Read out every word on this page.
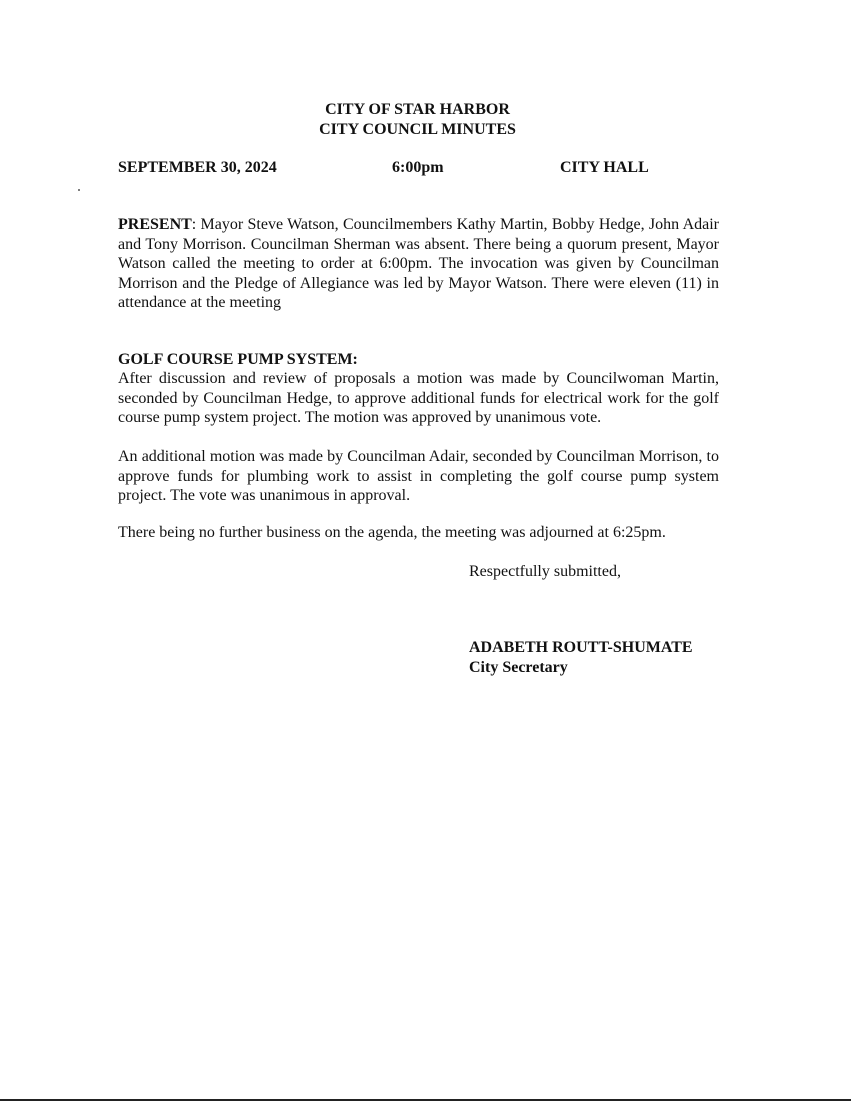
CITY OF STAR HARBOR
CITY COUNCIL MINUTES
SEPTEMBER 30, 2024	6:00pm	CITY HALL

PRESENT: Mayor Steve Watson, Councilmembers Kathy Martin, Bobby Hedge, John Adair and Tony Morrison. Councilman Sherman was absent. There being a quorum present, Mayor Watson called the meeting to order at 6:00pm. The invocation was given by Councilman Morrison and the Pledge of Allegiance was led by Mayor Watson. There were eleven (11) in attendance at the meeting

GOLF COURSE PUMP SYSTEM:

After discussion and review of proposals a motion was made by Councilwoman Martin, seconded by Councilman Hedge, to approve additional funds for electrical work for the golf course pump system project. The motion was approved by unanimous vote.

An additional motion was made by Councilman Adair, seconded by Councilman Morrison, to approve funds for plumbing work to assist in completing the golf course pump system project. The vote was unanimous in approval.

There being no further business on the agenda, the meeting was adjourned at 6:25pm.

Respectfully submitted,
ADABETH ROUTT-SHUMATE
City Secretary
